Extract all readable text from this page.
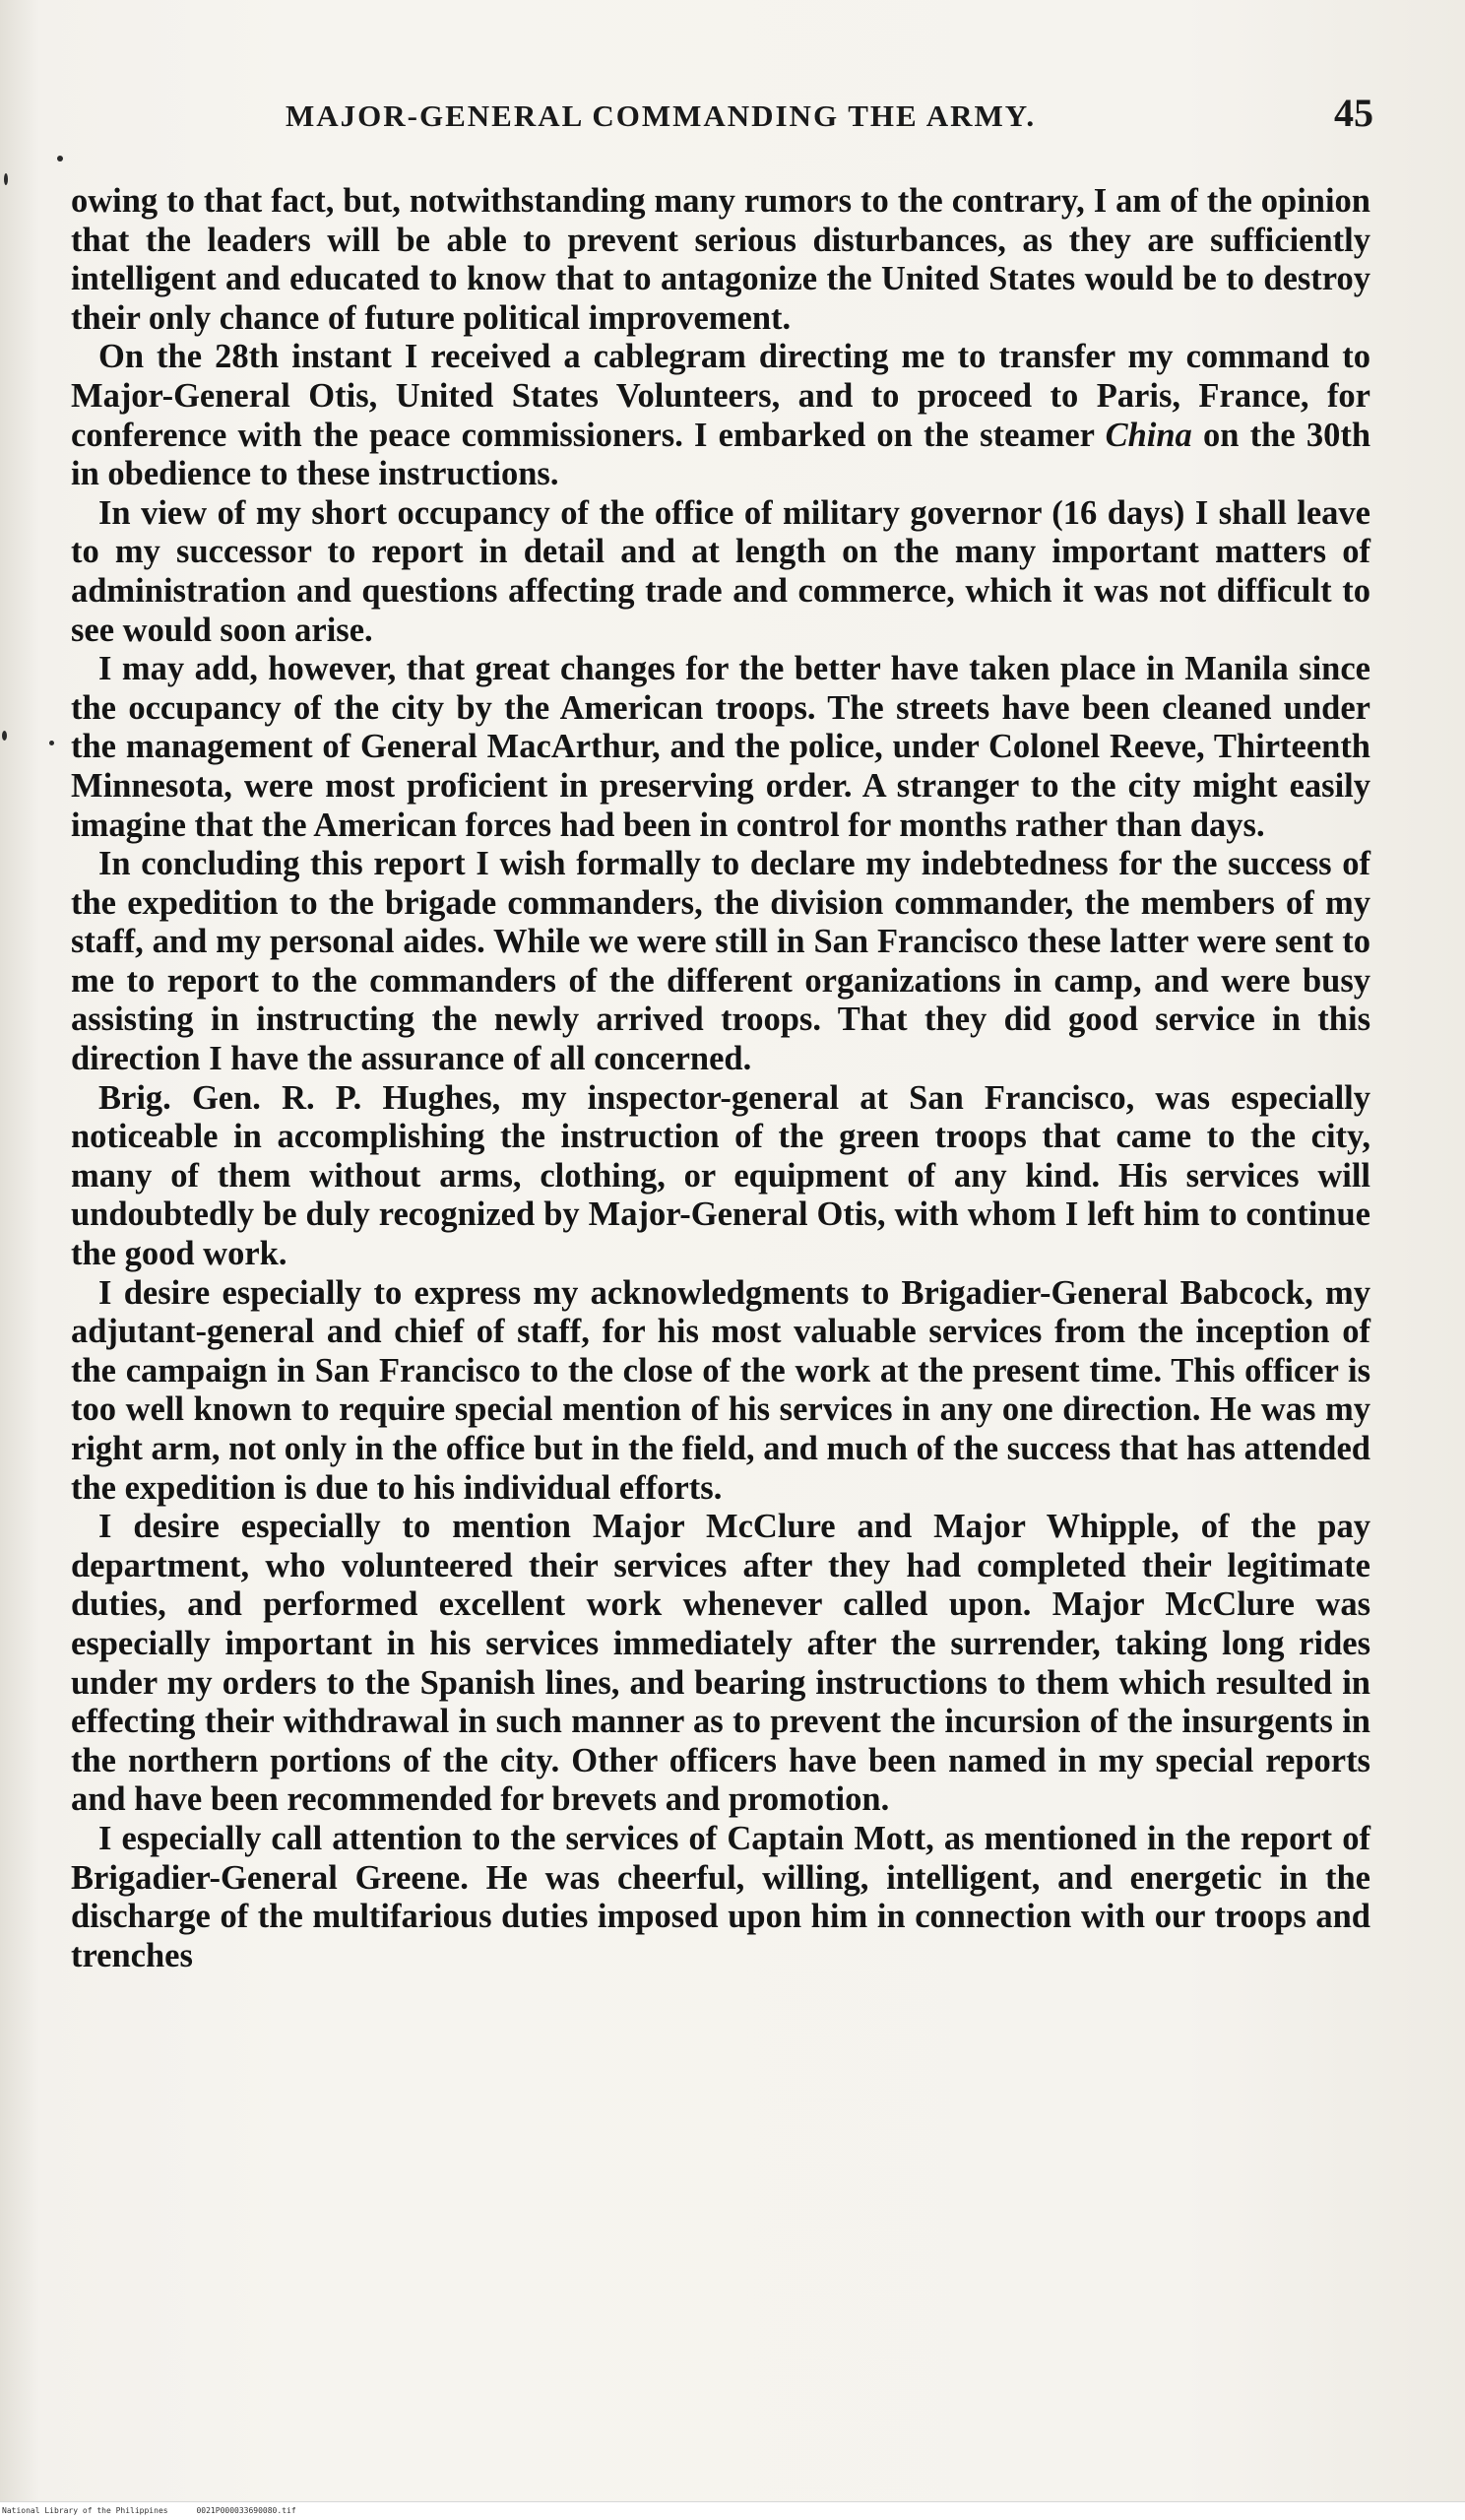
MAJOR-GENERAL COMMANDING THE ARMY.	45

owing to that fact, but, notwithstanding many rumors to the contrary, I am of the opinion that the leaders will be able to prevent serious disturbances, as they are sufficiently intelligent and educated to know that to antagonize the United States would be to destroy their only chance of future political improvement.

On the 28th instant I received a cablegram directing me to transfer my command to Major-General Otis, United States Volunteers, and to proceed to Paris, France, for conference with the peace commissioners. I embarked on the steamer China on the 30th in obedience to these instructions.

In view of my short occupancy of the office of military governor (16 days) I shall leave to my successor to report in detail and at length on the many important matters of administration and questions affecting trade and commerce, which it was not difficult to see would soon arise.

I may add, however, that great changes for the better have taken place in Manila since the occupancy of the city by the American troops. The streets have been cleaned under the management of General MacArthur, and the police, under Colonel Reeve, Thirteenth Minnesota, were most proficient in preserving order. A stranger to the city might easily imagine that the American forces had been in control for months rather than days.

In concluding this report I wish formally to declare my indebtedness for the success of the expedition to the brigade commanders, the division commander, the members of my staff, and my personal aides. While we were still in San Francisco these latter were sent to me to report to the commanders of the different organizations in camp, and were busy assisting in instructing the newly arrived troops. That they did good service in this direction I have the assurance of all concerned.

Brig. Gen. R. P. Hughes, my inspector-general at San Francisco, was especially noticeable in accomplishing the instruction of the green troops that came to the city, many of them without arms, clothing, or equipment of any kind. His services will undoubtedly be duly recognized by Major-General Otis, with whom I left him to continue the good work.

I desire especially to express my acknowledgments to Brigadier-General Babcock, my adjutant-general and chief of staff, for his most valuable services from the inception of the campaign in San Francisco to the close of the work at the present time. This officer is too well known to require special mention of his services in any one direction. He was my right arm, not only in the office but in the field, and much of the success that has attended the expedition is due to his individual efforts.

I desire especially to mention Major McClure and Major Whipple, of the pay department, who volunteered their services after they had completed their legitimate duties, and performed excellent work whenever called upon. Major McClure was especially important in his services immediately after the surrender, taking long rides under my orders to the Spanish lines, and bearing instructions to them which resulted in effecting their withdrawal in such manner as to prevent the incursion of the insurgents in the northern portions of the city. Other officers have been named in my special reports and have been recommended for brevets and promotion.

I especially call attention to the services of Captain Mott, as mentioned in the report of Brigadier-General Greene. He was cheerful, willing, intelligent, and energetic in the discharge of the multifarious duties imposed upon him in connection with our troops and trenches

National Library of the Philippines	0021P000033690080.tif
